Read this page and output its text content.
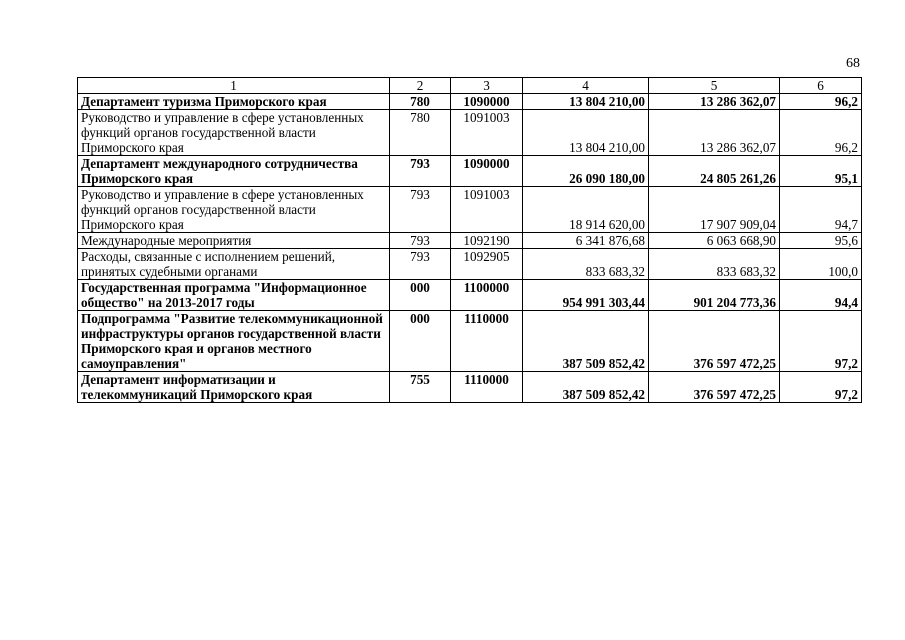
68
1	2	3	4	5	6
Департамент туризма Приморского края	780	1090000	13 804 210,00	13 286 362,07	96,2
Руководство и управление в сфере установленных функций органов государственной власти Приморского края	780	1091003	13 804 210,00	13 286 362,07	96,2
Департамент международного сотрудничества Приморского края	793	1090000	26 090 180,00	24 805 261,26	95,1
Руководство и управление в сфере установленных функций органов государственной власти Приморского края	793	1091003	18 914 620,00	17 907 909,04	94,7
Международные мероприятия	793	1092190	6 341 876,68	6 063 668,90	95,6
Расходы, связанные с исполнением решений, принятых судебными органами	793	1092905	833 683,32	833 683,32	100,0
Государственная программа "Информационное общество" на 2013-2017 годы	000	1100000	954 991 303,44	901 204 773,36	94,4
Подпрограмма "Развитие телекоммуникационной инфраструктуры органов государственной власти Приморского края и органов местного самоуправления"	000	1110000	387 509 852,42	376 597 472,25	97,2
Департамент информатизации и телекоммуникаций Приморского края	755	1110000	387 509 852,42	376 597 472,25	97,2
